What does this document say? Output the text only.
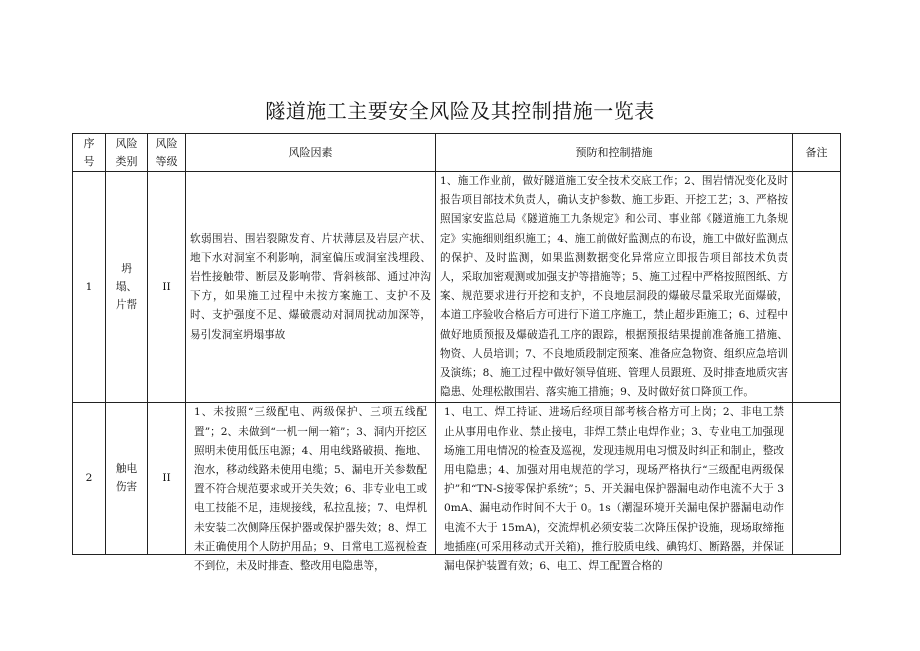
隧道施工主要安全风险及其控制措施一览表
序号	风险类别	风险等级	风险因素	预防和控制措施	备注
1	坍塌、片帮	II	软弱围岩、围岩裂隙发育、片状薄层及岩层产状、地下水对洞室不利影响，洞室偏压或洞室浅埋段、岩性接触带、断层及影响带、背斜核部、通过冲沟下方，如果施工过程中未按方案施工、支护不及时、支护强度不足、爆破震动对洞周扰动加深等，易引发洞室坍塌事故	1、施工作业前，做好隧道施工安全技术交底工作；2、围岩情况变化及时报告项目部技术负责人，确认支护参数、施工步距、开挖工艺；3、严格按照国家安监总局《隧道施工九条规定》和公司、事业部《隧道施工九条规定》实施细则组织施工；4、施工前做好监测点的布设，施工中做好监测点的保护、及时监测，如果监测数据变化异常应立即报告项目部技术负责人，采取加密观测或加强支护等措施等；5、施工过程中严格按照图纸、方案、规范要求进行开挖和支护，不良地层洞段的爆破尽量采取光面爆破，本道工序验收合格后方可进行下道工序施工，禁止超步距施工；6、过程中做好地质预报及爆破造孔工序的跟踪，根据预报结果提前准备施工措施、物资、人员培训；7、不良地质段制定预案、准备应急物资、组织应急培训及演练；8、施工过程中做好领导值班、管理人员跟班、及时排查地质灾害隐患、处理松散围岩、落实施工措施；9、及时做好贫口降顶工作。	
2	触电伤害	II	1、未按照“三级配电、两级保护、三项五线配置”；2、未做到“一机一闸一箱”；3、洞内开挖区照明未使用低压电源；4、用电线路破损、拖地、泡水，移动线路未使用电缆；5、漏电开关参数配置不符合规范要求或开关失效；6、非专业电工或电工技能不足，违规接线，私拉乱接；7、电焊机未安装二次侧降压保护器或保护器失效；8、焊工未正确使用个人防护用品；9、日常电工巡视检查不到位，未及时排查、整改用电隐患等，	1、电工、焊工持证、进场后经项目部考核合格方可上岗；2、非电工禁止从事用电作业、禁止接电，非焊工禁止电焊作业；3、专业电工加强现场施工用电情况的检查及巡视，发现违规用电习惯及时纠正和制止，整改用电隐患；4、加强对用电规范的学习，现场严格执行“三级配电两级保护”和“TN-S接零保护系统”；5、开关漏电保护器漏电动作电流不大于 30mA、漏电动作时间不大于 0。1s（潮湿环境开关漏电保护器漏电动作电流不大于 15mA)，交流焊机必须安装二次降压保护设施，现场取缔拖地插座(可采用移动式开关箱)，推行胶质电线、碘钨灯、断路器，并保证漏电保护装置有效；6、电工、焊工配置合格的	
